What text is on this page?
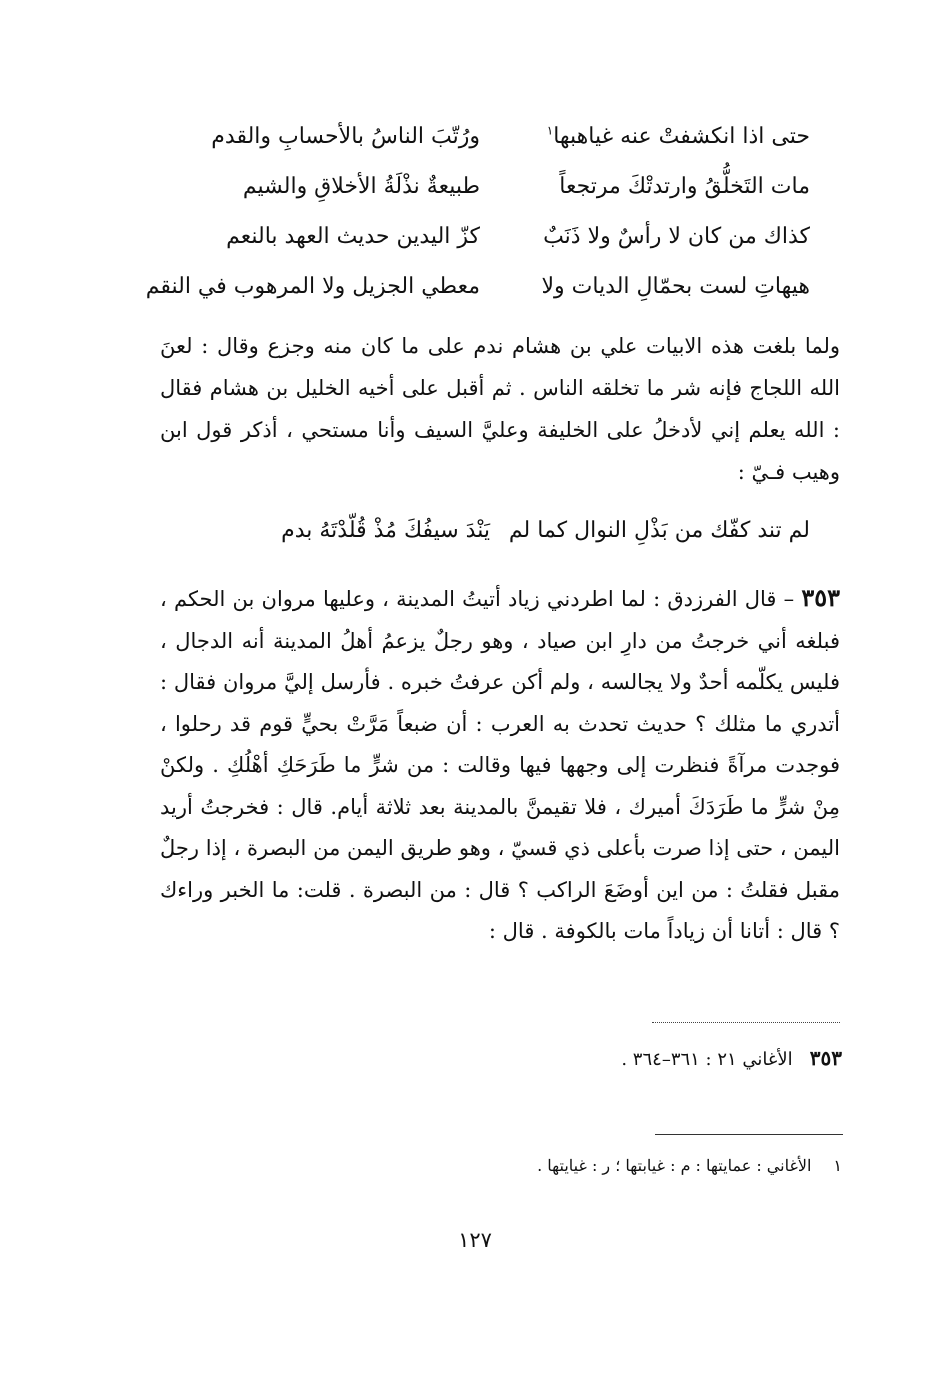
حتى اذا انكشفتْ عنه غياهبها$^١$
ورُتّبَ الناسُ بالأحسابِ والقدم
مات التَخلُّقُ وارتدتْكَ مرتجعاً
طبيعةٌ نذْلَةُ الأخلاقِ والشيم
كذاك من كان لا رأسٌ ولا ذَنَبٌ
كزّ اليدين حديث العهد بالنعم
هيهاتِ لست بحمّالِ الديات ولا
معطي الجزيل ولا المرهوب في النقم
ولما بلغت هذه الابيات علي بن هشام ندم على ما كان منه وجزع وقال : لعنَ الله اللجاج فإنه شر ما تخلقه الناس . ثم أقبل على أخيه الخليل بن هشام فقال : الله يعلم إني لأدخلُ على الخليفة وعليَّ السيف وأنا مستحي ، أذكر قول ابن وهيب فـيّ :
لم تند كفّك من بَذْلِ النوال كما لم
يَنْدَ سيفُكَ مُذْ قُلّدْتَهُ بدم
٣٥٣ – قال الفرزدق : لما اطردني زياد أتيتُ المدينة ، وعليها مروان بن الحكم ، فبلغه أني خرجتُ من دارِ ابن صياد ، وهو رجلٌ يزعمُ أهلُ المدينة أنه الدجال ، فليس يكلّمه أحدٌ ولا يجالسه ، ولم أكن عرفتُ خبره . فأرسل إليَّ مروان فقال : أتدري ما مثلك ؟ حديث تحدث به العرب : أن ضبعاً مَرَّتْ بحيٍّ قوم قد رحلوا ، فوجدت مرآةً فنظرت إلى وجهها فيها وقالت : من شرٍّ ما طَرَحَكِ أهْلُكِ . ولكنْ مِنْ شرٍّ ما طَرَدَكَ أميرك ، فلا تقيمنَّ بالمدينة بعد ثلاثة أيام. قال : فخرجتُ أريد اليمن ، حتى إذا صرت بأعلى ذي قسيّ ، وهو طريق اليمن من البصرة ، إذا رجلٌ مقبل فقلتُ : من اين أوضَعَ الراكب ؟ قال : من البصرة . قلت: ما الخبر وراءك ؟ قال : أتانا أن زياداً مات بالكوفة . قال :
٣٥٣   الأغاني ٢١ : ٣٦١–٣٦٤ .
١الأغاني : عمايتها : م : غيابتها ؛ ر : غيايتها .
١٢٧
